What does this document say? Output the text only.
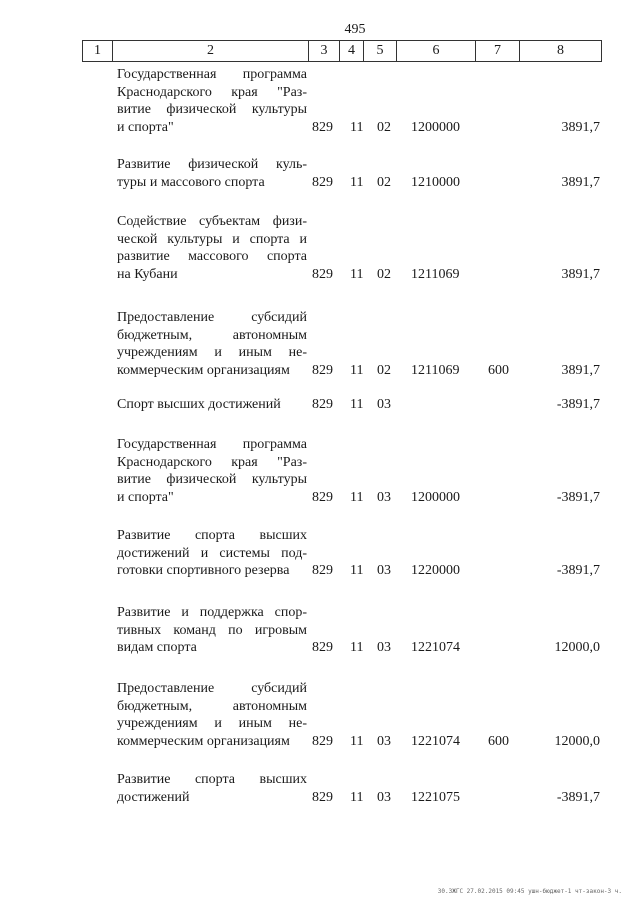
495
1	2	3	4	5	6	7	8
Государственная программа
Краснодарского края "Раз-
витие физической культуры
и спорта"	829 11 02 1200000	3891,7
Развитие физической куль-
туры и массового спорта	829 11 02 1210000	3891,7
Содействие субъектам физи-
ческой культуры и спорта и
развитие массового спорта
на Кубани	829 11 02 1211069	3891,7
Предоставление субсидий
бюджетным, автономным
учреждениям и иным не-
коммерческим организациям	829 11 02 1211069 600	3891,7
Спорт высших достижений	829 11 03	-3891,7
Государственная программа
Краснодарского края "Раз-
витие физической культуры
и спорта"	829 11 03 1200000	-3891,7
Развитие спорта высших
достижений и системы под-
готовки спортивного резерва	829 11 03 1220000	-3891,7
Развитие и поддержка спор-
тивных команд по игровым
видам спорта	829 11 03 1221074	12000,0
Предоставление субсидий
бюджетным, автономным
учреждениям и иным не-
коммерческим организациям	829 11 03 1221074 600	12000,0
Развитие спорта высших
достижений	829 11 03 1221075	-3891,7
30.3ЖГС 27.02.2015 09:45 ушн-бюджет-1 чт-закон-3 ч.
